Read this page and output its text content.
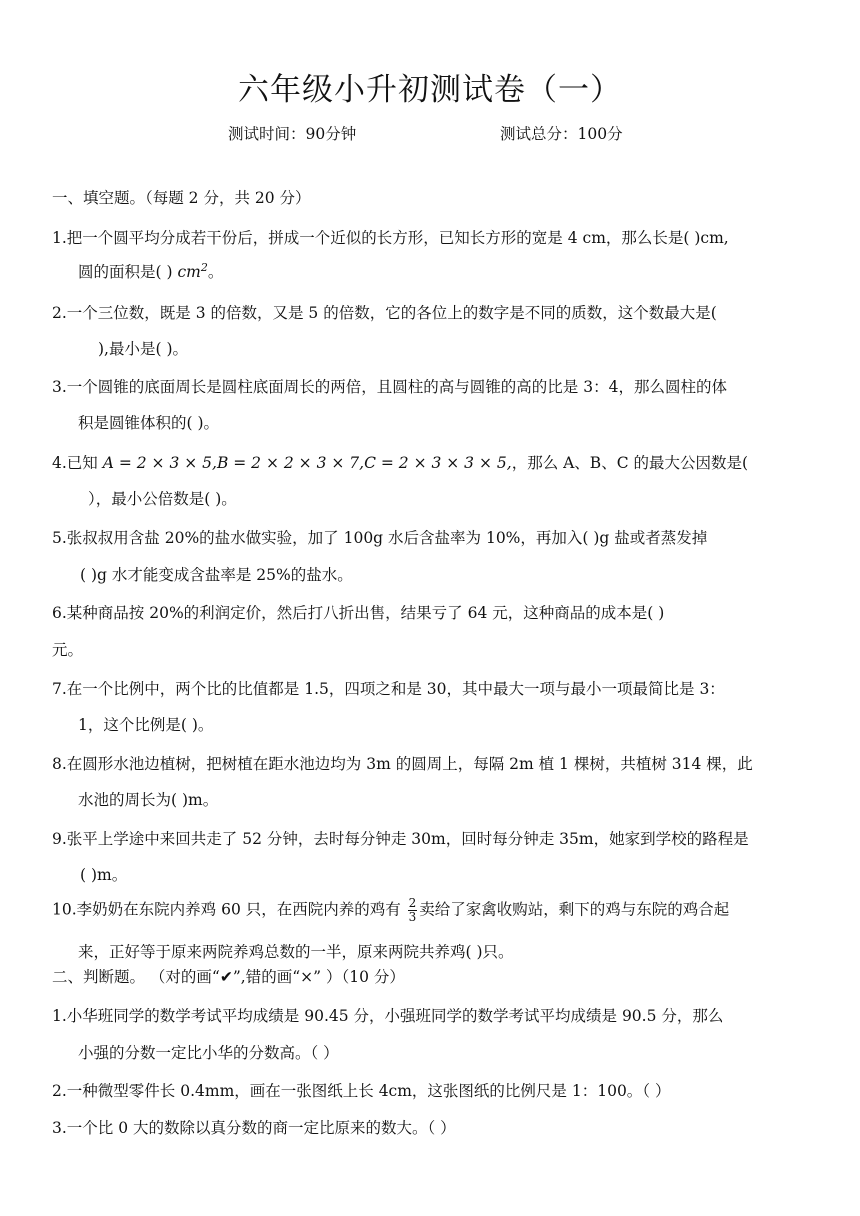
六年级小升初测试卷（一）
测试时间：90分钟	测试总分：100分
一、填空题。（每题 2 分，共 20 分）
1.把一个圆平均分成若干份后，拼成一个近似的长方形，已知长方形的宽是 4 cm，那么长是( )cm,
圆的面积是( ) $cm^2$。
2.一个三位数，既是 3 的倍数，又是 5 的倍数，它的各位上的数字是不同的质数，这个数最大是(
),最小是( )。
3.一个圆锥的底面周长是圆柱底面周长的两倍，且圆柱的高与圆锥的高的比是 3：4，那么圆柱的体
积是圆锥体积的( )。
4.已知 A = 2 × 3 × 5,B = 2 × 2 × 3 × 7,C = 2 × 3 × 3 × 5,，那么 A、B、C 的最大公因数是(
），最小公倍数是( )。
5.张叔叔用含盐 20%的盐水做实验，加了 100g 水后含盐率为 10%，再加入( )g 盐或者蒸发掉
( )g 水才能变成含盐率是 25%的盐水。
6.某种商品按 20%的利润定价，然后打八折出售，结果亏了 64 元，这种商品的成本是( )
元。
7.在一个比例中，两个比的比值都是 1.5，四项之和是 30，其中最大一项与最小一项最简比是 3：
1，这个比例是( )。
8.在圆形水池边植树，把树植在距水池边均为 3m 的圆周上，每隔 2m 植 1 棵树，共植树 314 棵，此
水池的周长为( )m。
9.张平上学途中来回共走了 52 分钟，去时每分钟走 30m，回时每分钟走 35m，她家到学校的路程是
( )m。
10.李奶奶在东院内养鸡 60 只，在西院内养的鸡有 $\frac{2}{3}$ 卖给了家禽收购站，剩下的鸡与东院的鸡合起
来，正好等于原来两院养鸡总数的一半，原来两院共养鸡( )只。
二、判断题。 （对的画“✔”,错的画“×” ）（10 分）
1.小华班同学的数学考试平均成绩是 90.45 分，小强班同学的数学考试平均成绩是 90.5 分，那么
小强的分数一定比小华的分数高。（ ）
2.一种微型零件长 0.4mm，画在一张图纸上长 4cm，这张图纸的比例尺是 1：100。（ ）
3.一个比 0 大的数除以真分数的商一定比原来的数大。（ ）
